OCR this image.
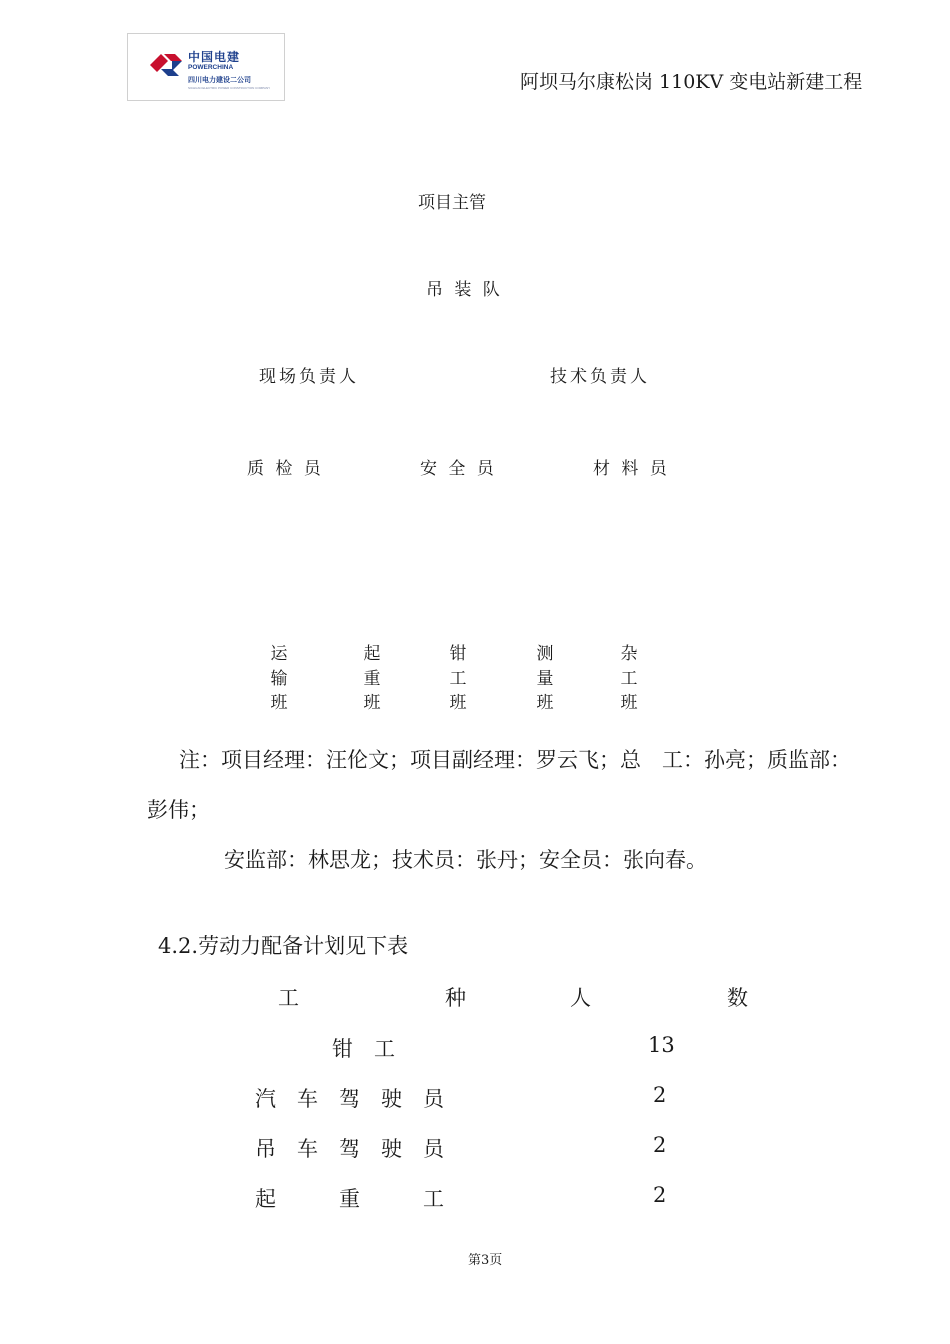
中国电建
POWERCHINA
四川电力建设二公司
SICHUAN ELECTRIC POWER CONSTRUCTION COMPANY	阿坝马尔康松岗 110KV 变电站新建工程
项目主管
吊 装 队
现场负责人	技术负责人
质 检 员	安 全 员	材 料 员
运
输
班
起
重
班
钳
工
班
测
量
班
杂
工
班
注：项目经理：汪伦文；项目副经理：罗云飞；总　工：孙亮；质监部：
彭伟；
安监部：林思龙；技术员：张丹；安全员：张向春。
4.2.劳动力配备计划见下表
工	种	人	数
钳　工	13
汽　车　驾　驶　员	2
吊　车　驾　驶　员	2
起　　　重　　　工	2
第3页
